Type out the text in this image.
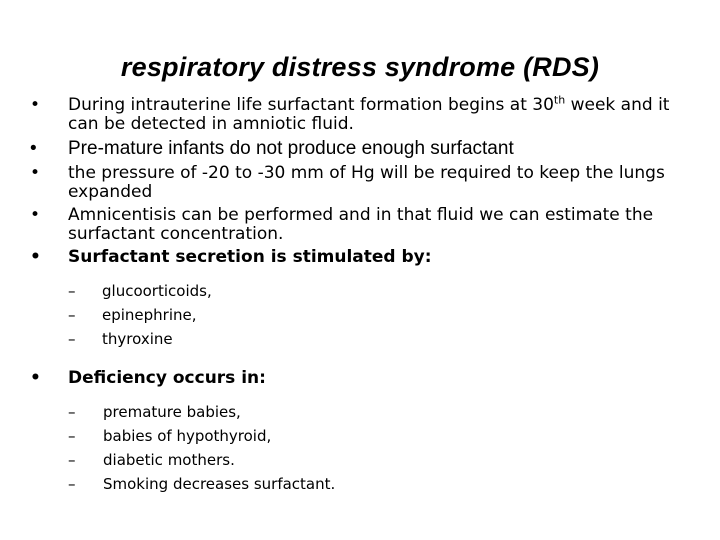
respiratory distress syndrome (RDS)
• During intrauterine life surfactant formation begins at 30th week and it can be detected in amniotic fluid.
• Pre-mature infants do not produce enough surfactant
• the pressure of -20 to -30 mm of Hg will be required to keep the lungs expanded
• Amnicentisis can be performed and in that fluid we can estimate the surfactant concentration.
• Surfactant secretion is stimulated by:
– glucoorticoids,
– epinephrine,
– thyroxine
• Deficiency occurs in:
– premature babies,
– babies of hypothyroid,
– diabetic mothers.
– Smoking decreases surfactant.
